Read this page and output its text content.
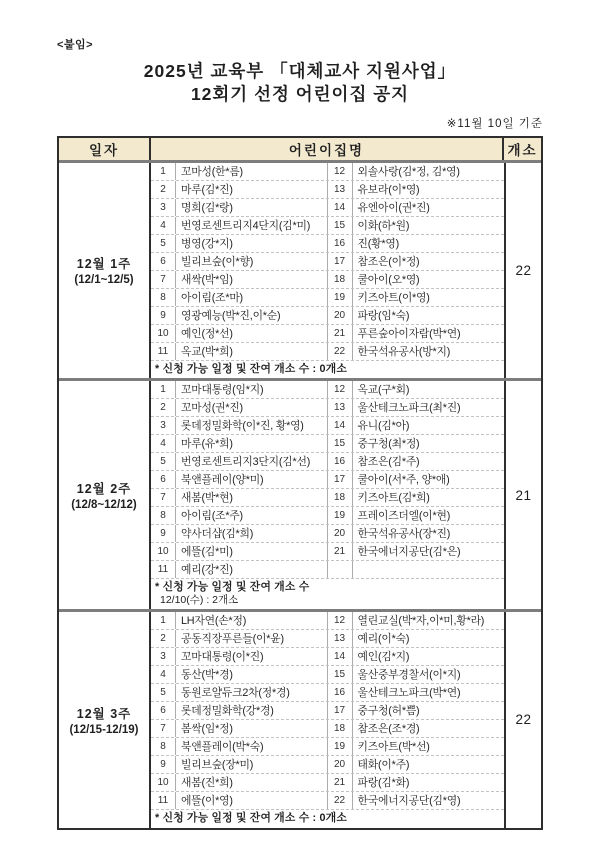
<붙임>
2025년 교육부 「대체교사 지원사업」
12회기 선정 어린이집 공지
※11월 10일 기준
일자	어린이집명	개소
12월 1주
(12/1~12/5)
1	꼬마성(한*름)	12	외솔사랑(김*정, 김*영)
2	마루(김*진)	13	유보라(이*영)
3	명희(김*랑)	14	유엔아이(권*진)
4	번영로센트리지4단지(김*미)	15	이화(하*원)
5	병영(강*지)	16	진(황*영)
6	빌리브숲(이*향)	17	참조은(이*정)
7	새싹(박*임)	18	쿨아이(오*영)
8	아이림(조*마)	19	키즈아트(이*영)
9	영광예능(박*진,이*순)	20	파랑(임*숙)
10	예인(정*선)	21	푸른숲아이자람(박*연)
11	옥교(박*희)	22	한국석유공사(방*지)
* 신청 가능 일정 및 잔여 개소 수 : 0개소
22
12월 2주
(12/8~12/12)
1	꼬마대통령(임*지)	12	옥교(구*회)
2	꼬마성(권*진)	13	울산테크노파크(최*진)
3	롯데정밀화학(이*진, 황*영)	14	유니(김*아)
4	마루(유*희)	15	중구청(최*정)
5	번영로센트리지3단지(김*선)	16	참조은(김*주)
6	북앤플레이(양*미)	17	쿨아이(서*주, 양*애)
7	새봄(박*현)	18	키즈아트(김*희)
8	아이림(조*주)	19	프레이즈더엘(이*현)
9	약사더샵(김*희)	20	한국석유공사(장*진)
10	에뜰(김*미)	21	한국에너지공단(김*은)
11	예리(강*진)
* 신청 가능 일정 및 잔여 개소 수
12/10(수) : 2개소
21
12월 3주
(12/15-12/19)
1	LH자연(손*정)	12	열린교실(박*자,이*미,황*라)
2	공동직장푸른들(이*윤)	13	예리(이*숙)
3	꼬마대통령(이*진)	14	예인(김*지)
4	동산(박*경)	15	울산중부경찰서(이*지)
5	동원로얄듀크2차(정*경)	16	울산테크노파크(박*연)
6	롯데정밀화학(강*경)	17	중구청(허*쁨)
7	봄싹(임*정)	18	참조은(조*경)
8	북앤플레이(박*숙)	19	키즈아트(박*선)
9	빌리브숲(장*미)	20	태화(이*주)
10	새봄(진*희)	21	파랑(김*화)
11	에뜰(이*영)	22	한국에너지공단(김*영)
* 신청 가능 일정 및 잔여 개소 수 : 0개소
22
